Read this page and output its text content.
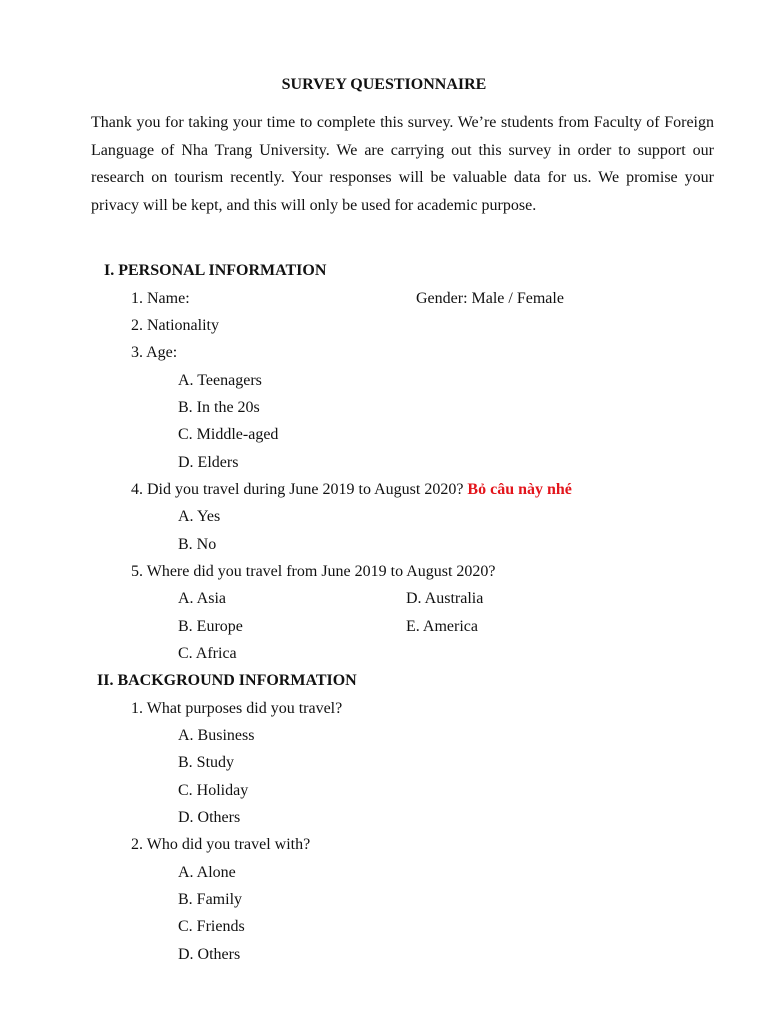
SURVEY QUESTIONNAIRE
Thank you for taking your time to complete this survey. We’re students from Faculty of Foreign Language of Nha Trang University. We are carrying out this survey in order to support our research on tourism recently. Your responses will be valuable data for us. We promise your privacy will be kept, and this will only be used for academic purpose.
I. PERSONAL INFORMATION
1. Name:	Gender: Male / Female
2. Nationality
3. Age:
A. Teenagers
B. In the 20s
C. Middle-aged
D. Elders
4. Did you travel during June 2019 to August 2020? Bỏ câu này nhé
A. Yes
B. No
5. Where did you travel from June 2019 to August 2020?
A. Asia	D. Australia
B. Europe	E. America
C. Africa
II. BACKGROUND INFORMATION
1. What purposes did you travel?
A. Business
B. Study
C. Holiday
D. Others
2. Who did you travel with?
A. Alone
B. Family
C. Friends
D. Others
